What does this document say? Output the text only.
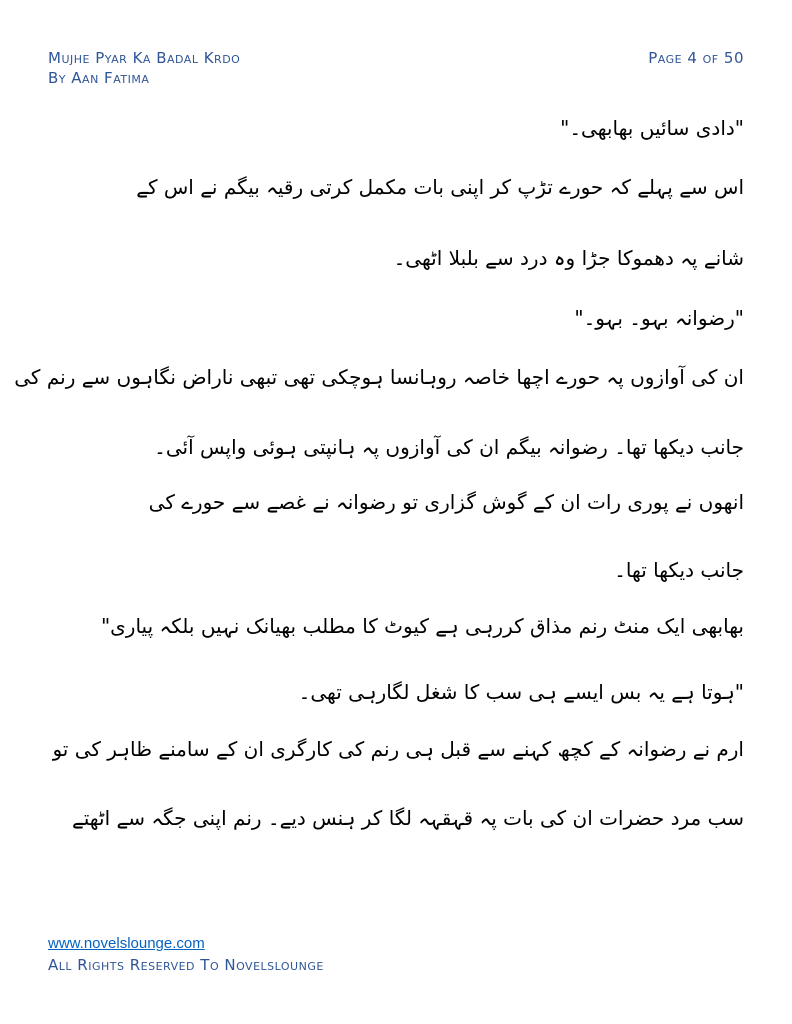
Mujhe Pyar Ka Badal Krdo
By Aan Fatima
Page 4 of 50
"دادی سائیں بھابھی۔"
اس سے پہلے کہ حورے تڑپ کر اپنی بات مکمل کرتی رقیہ بیگم نے اس کے
شانے پہ دھموکا جڑا وہ درد سے بلبلا اٹھی۔
"رضوانہ بہو۔ بہو۔"
ان کی آوازوں پہ حورے اچھا خاصہ روہانسا ہوچکی تھی تبھی ناراض نگاہوں سے رنم کی
جانب دیکھا تھا۔ رضوانہ بیگم ان کی آوازوں پہ ہانپتی ہوئی واپس آئی۔
انھوں نے پوری رات ان کے گوش گزاری تو رضوانہ نے غصے سے حورے کی
جانب دیکھا تھا۔
بھابھی ایک منٹ رنم مذاق کررہی ہے کیوٹ کا مطلب بھیانک نہیں بلکہ پیاری"
"ہوتا ہے یہ بس ایسے ہی سب کا شغل لگارہی تھی۔
ارم نے رضوانہ کے کچھ کہنے سے قبل ہی رنم کی کارگری ان کے سامنے ظاہر کی تو
سب مرد حضرات ان کی بات پہ قہقہہ لگا کر ہنس دیے۔ رنم اپنی جگہ سے اٹھتے
www.novelslounge.com
All Rights Reserved To Novelslounge
